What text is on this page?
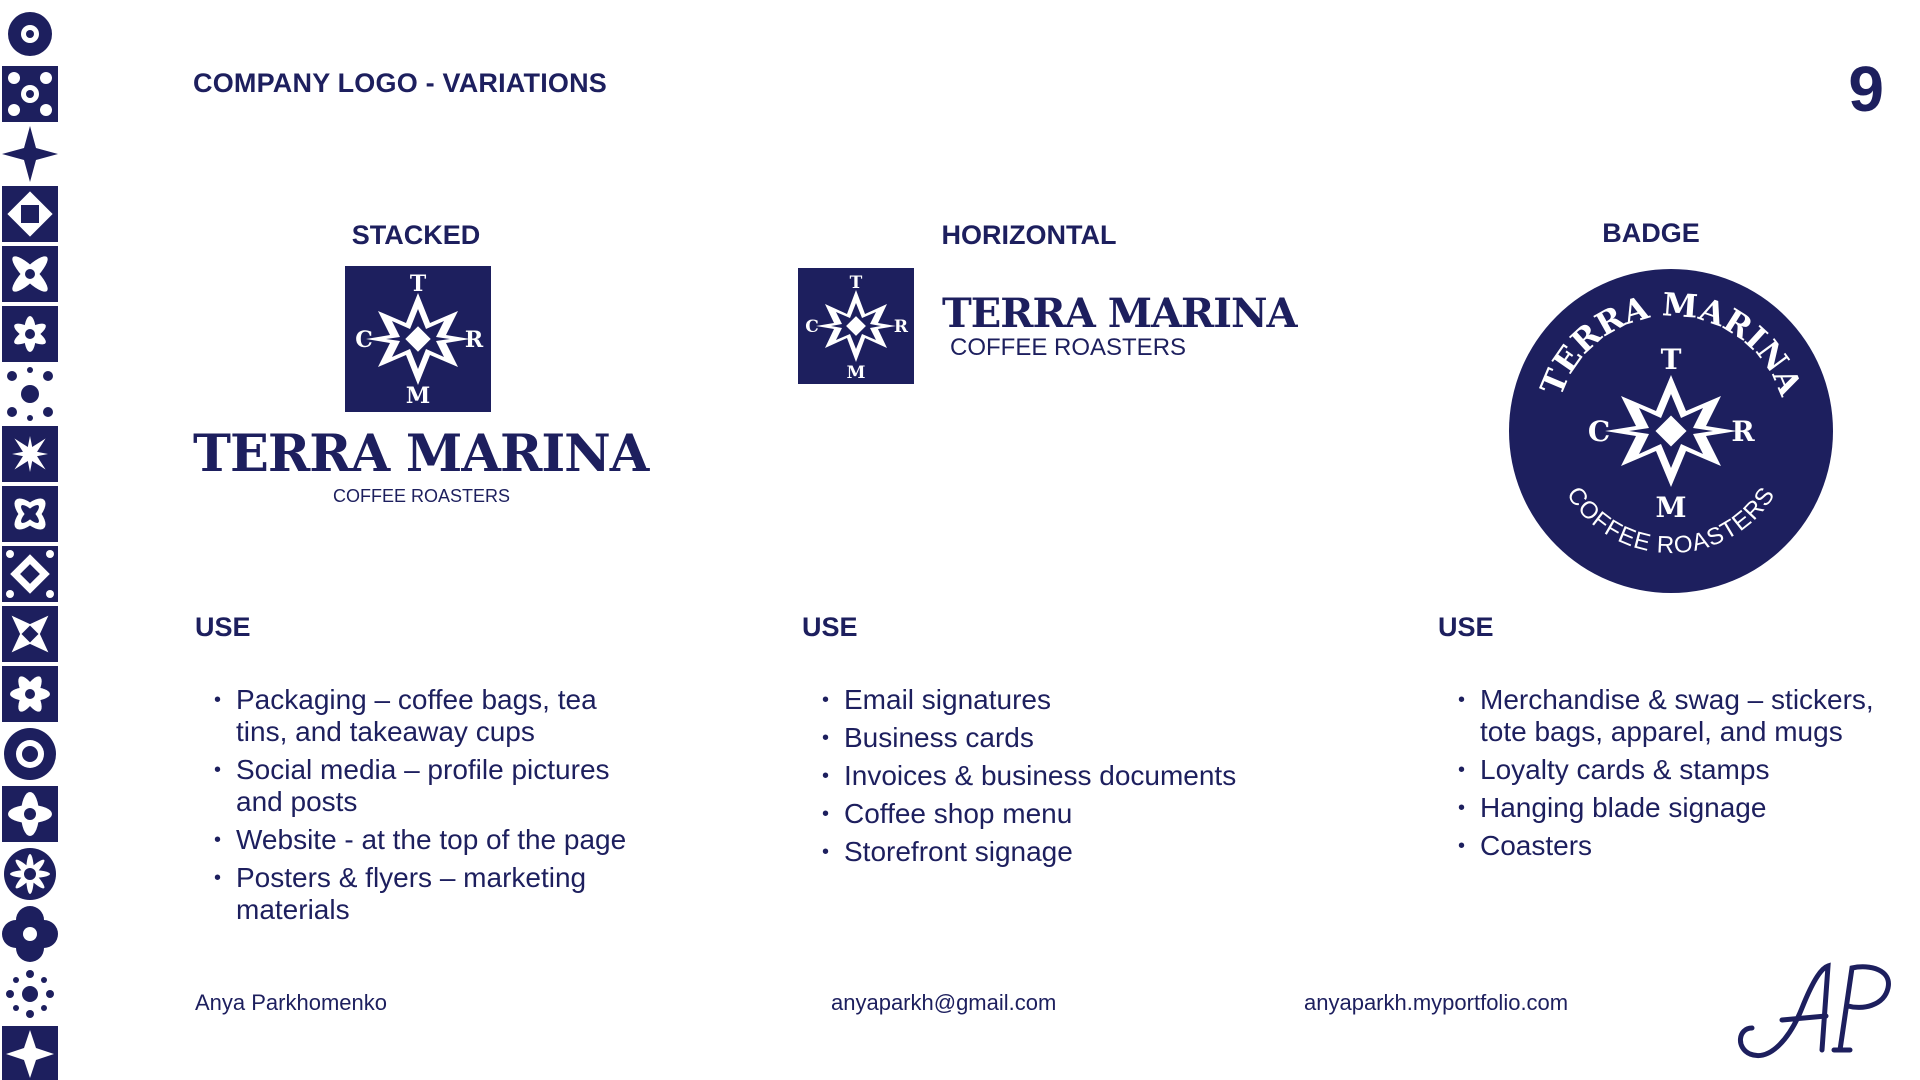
COMPANY LOGO - VARIATIONS	9

STACKED	HORIZONTAL	BADGE

T
C	R
M

TERRA MARINA

COFFEE ROASTERS

T
C	R
M

TERRA MARINA

COFFEE ROASTERS

TERRA MARINA
COFFEE ROASTERS
T
C	R
M

USE

• Packaging – coffee bags, tea tins, and takeaway cups
• Social media – profile pictures and posts
• Website - at the top of the page
• Posters & flyers – marketing materials

USE

• Email signatures
• Business cards
• Invoices & business documents
• Coffee shop menu
• Storefront signage

USE

• Merchandise & swag – stickers, tote bags, apparel, and mugs
• Loyalty cards & stamps
• Hanging blade signage
• Coasters

Anya Parkhomenko	anyaparkh@gmail.com	anyaparkh.myportfolio.com
